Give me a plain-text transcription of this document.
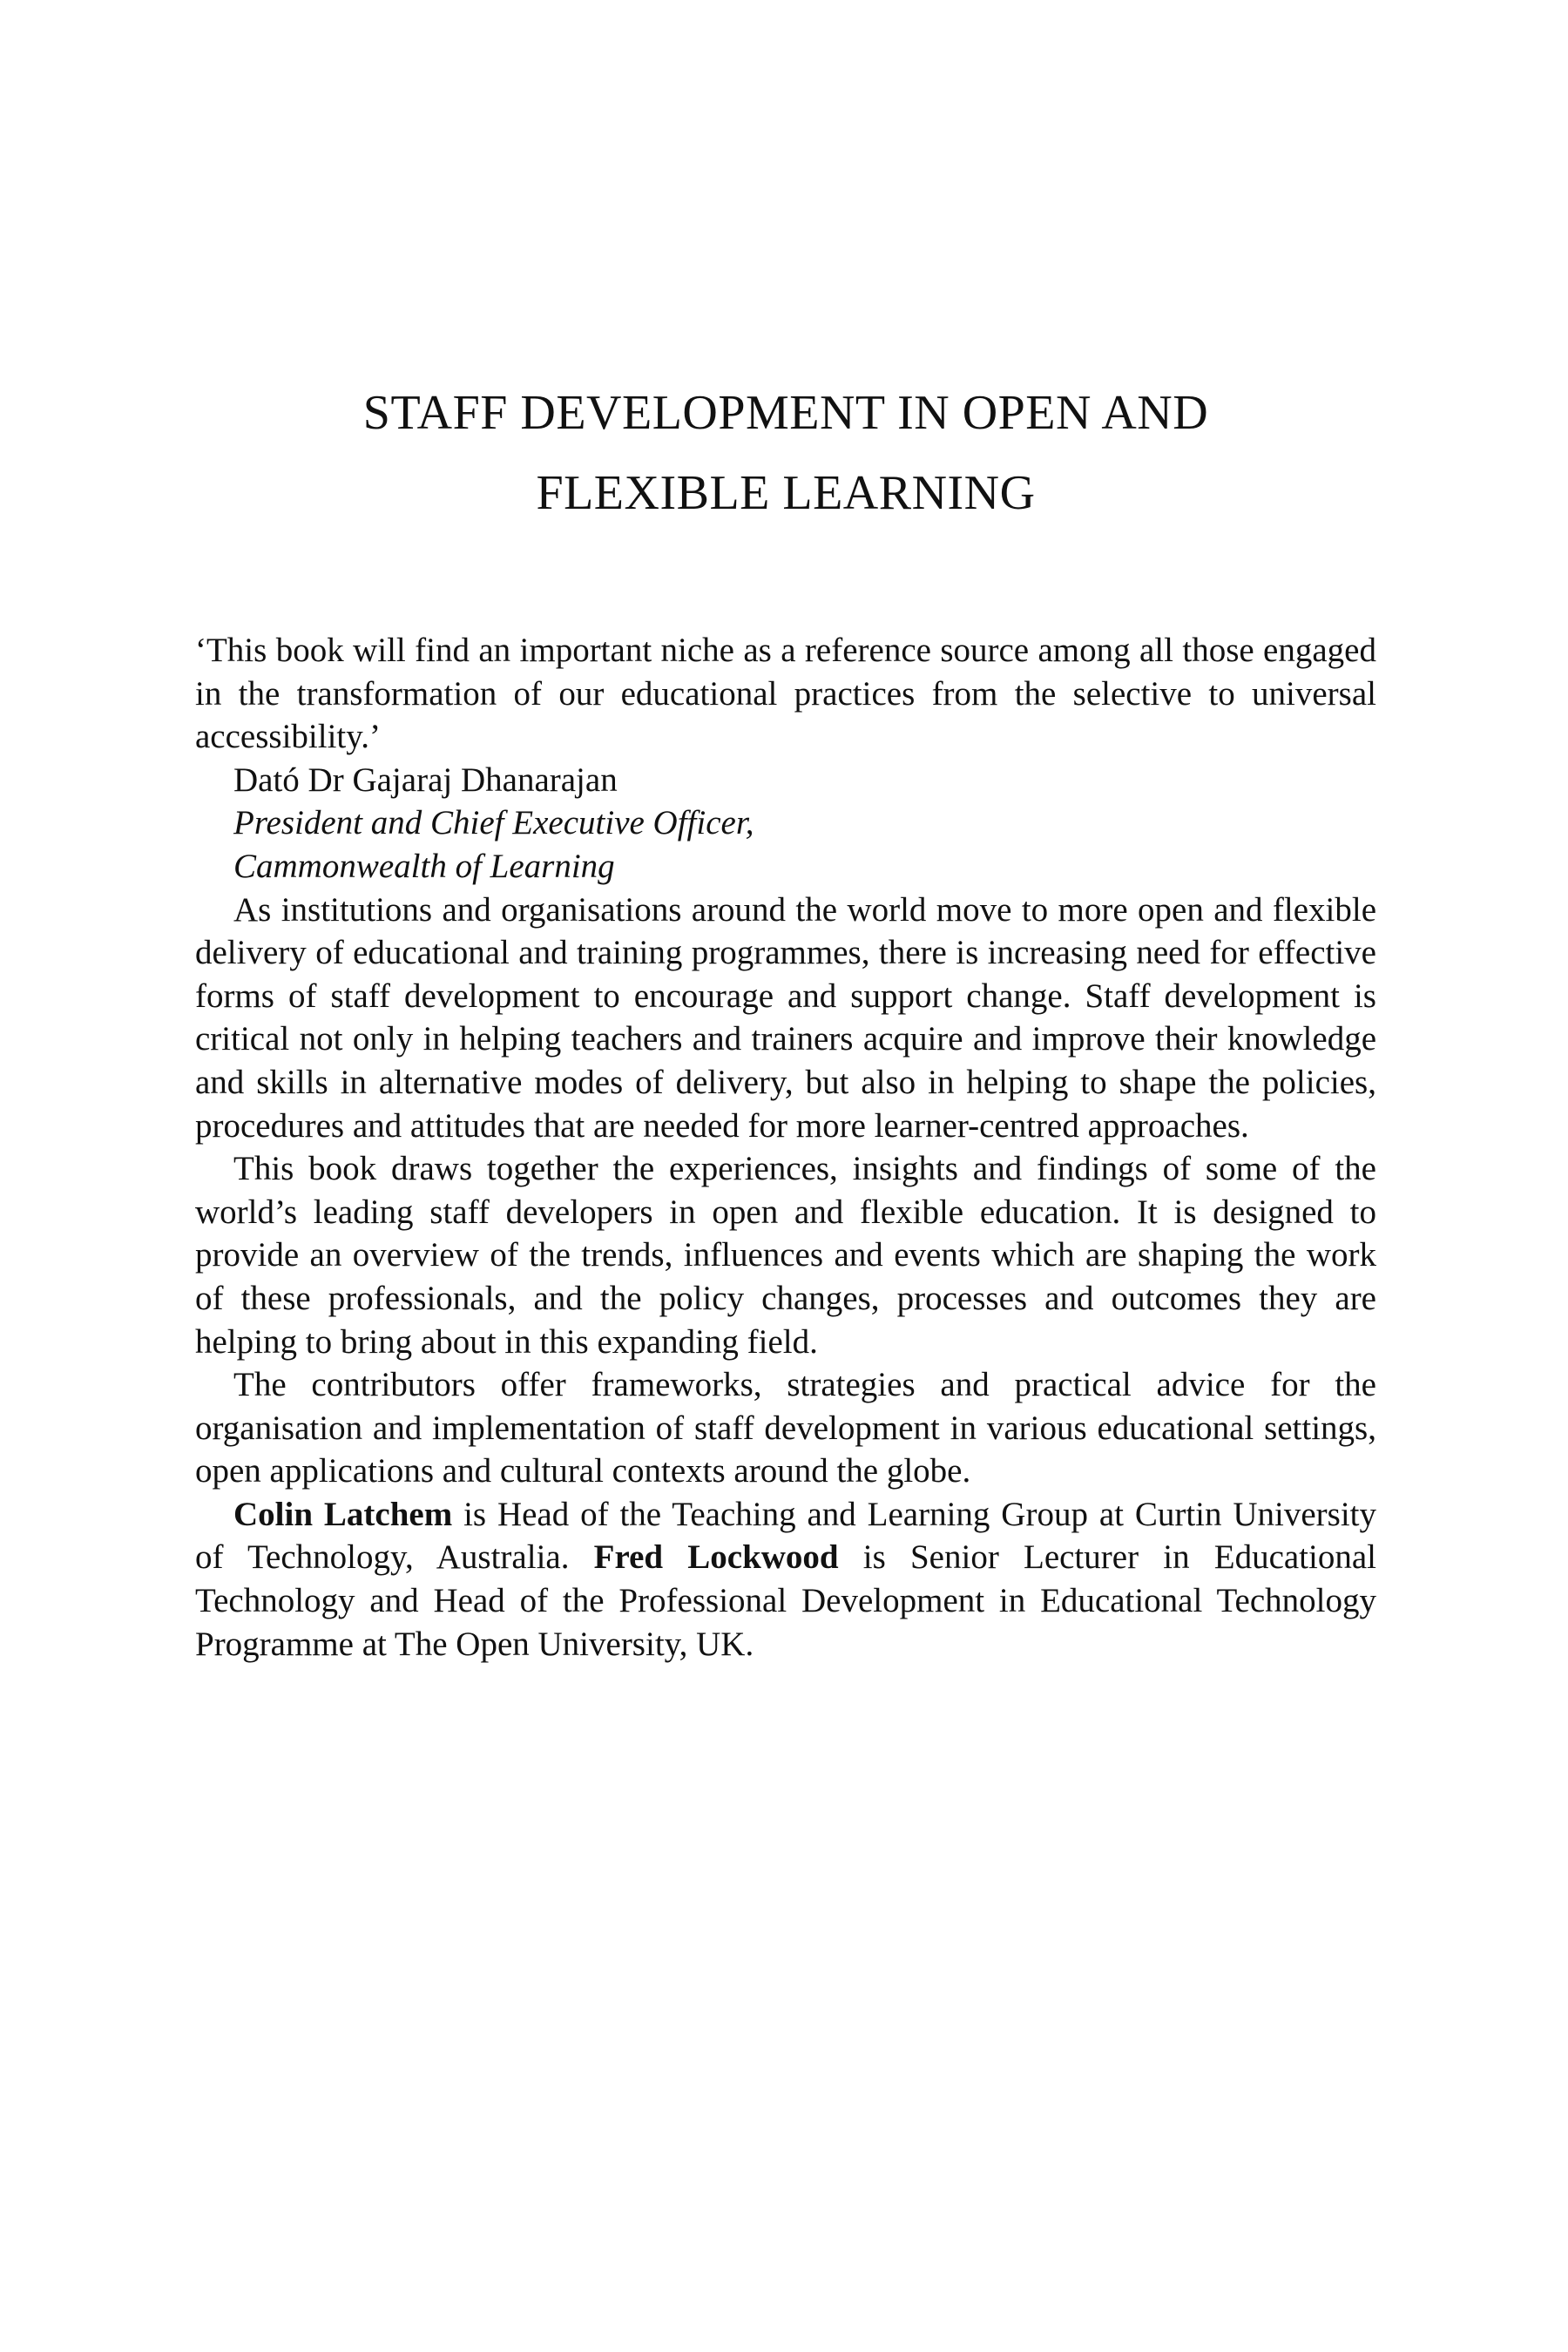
STAFF DEVELOPMENT IN OPEN AND
FLEXIBLE LEARNING

‘This book will find an important niche as a reference source among all those engaged in the transformation of our educational practices from the selective to universal accessibility.’

Dató Dr Gajaraj Dhanarajan
President and Chief Executive Officer,
Cammonwealth of Learning

As institutions and organisations around the world move to more open and flexible delivery of educational and training programmes, there is increasing need for effective forms of staff development to encourage and support change. Staff development is critical not only in helping teachers and trainers acquire and improve their knowledge and skills in alternative modes of delivery, but also in helping to shape the policies, procedures and attitudes that are needed for more learner-centred approaches.

This book draws together the experiences, insights and findings of some of the world’s leading staff developers in open and flexible education. It is designed to provide an overview of the trends, influences and events which are shaping the work of these professionals, and the policy changes, processes and outcomes they are helping to bring about in this expanding field.

The contributors offer frameworks, strategies and practical advice for the organisation and implementation of staff development in various educational settings, open applications and cultural contexts around the globe.

Colin Latchem is Head of the Teaching and Learning Group at Curtin University of Technology, Australia. Fred Lockwood is Senior Lecturer in Educational Technology and Head of the Professional Development in Educational Technology Programme at The Open University, UK.
